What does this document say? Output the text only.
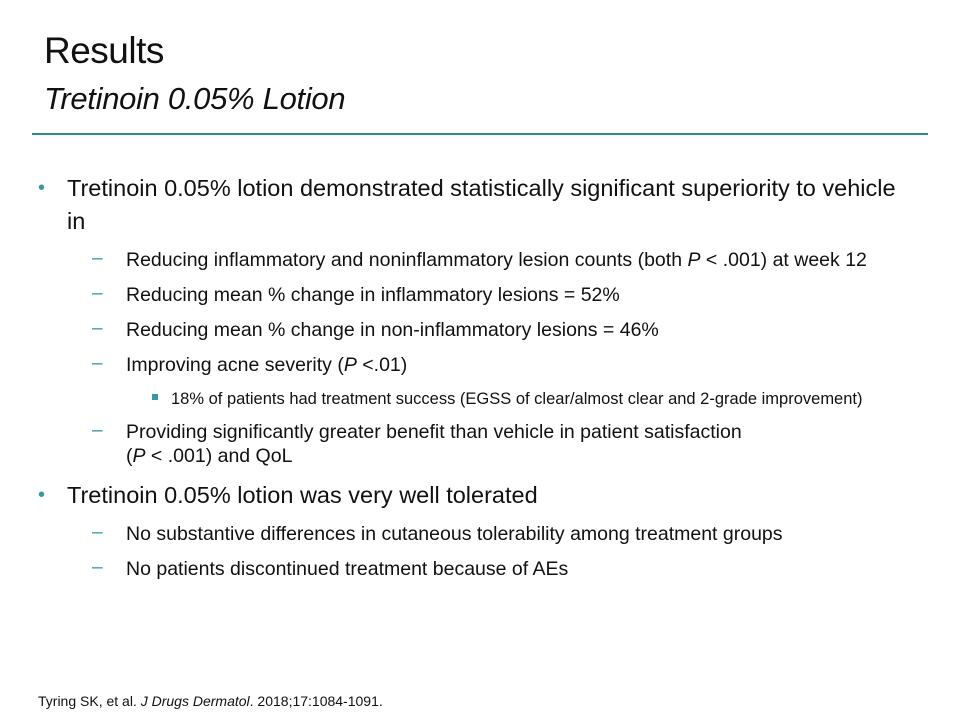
Results
Tretinoin 0.05% Lotion
• Tretinoin 0.05% lotion demonstrated statistically significant superiority to vehicle in
– Reducing inflammatory and noninflammatory lesion counts (both P < .001) at week 12
– Reducing mean % change in inflammatory lesions = 52%
– Reducing mean % change in non-inflammatory lesions = 46%
– Improving acne severity (P <.01)
18% of patients had treatment success (EGSS of clear/almost clear and 2-grade improvement)
– Providing significantly greater benefit than vehicle in patient satisfaction
(P < .001) and QoL
• Tretinoin 0.05% lotion was very well tolerated
– No substantive differences in cutaneous tolerability among treatment groups
– No patients discontinued treatment because of AEs
Tyring SK, et al. J Drugs Dermatol. 2018;17:1084-1091.
